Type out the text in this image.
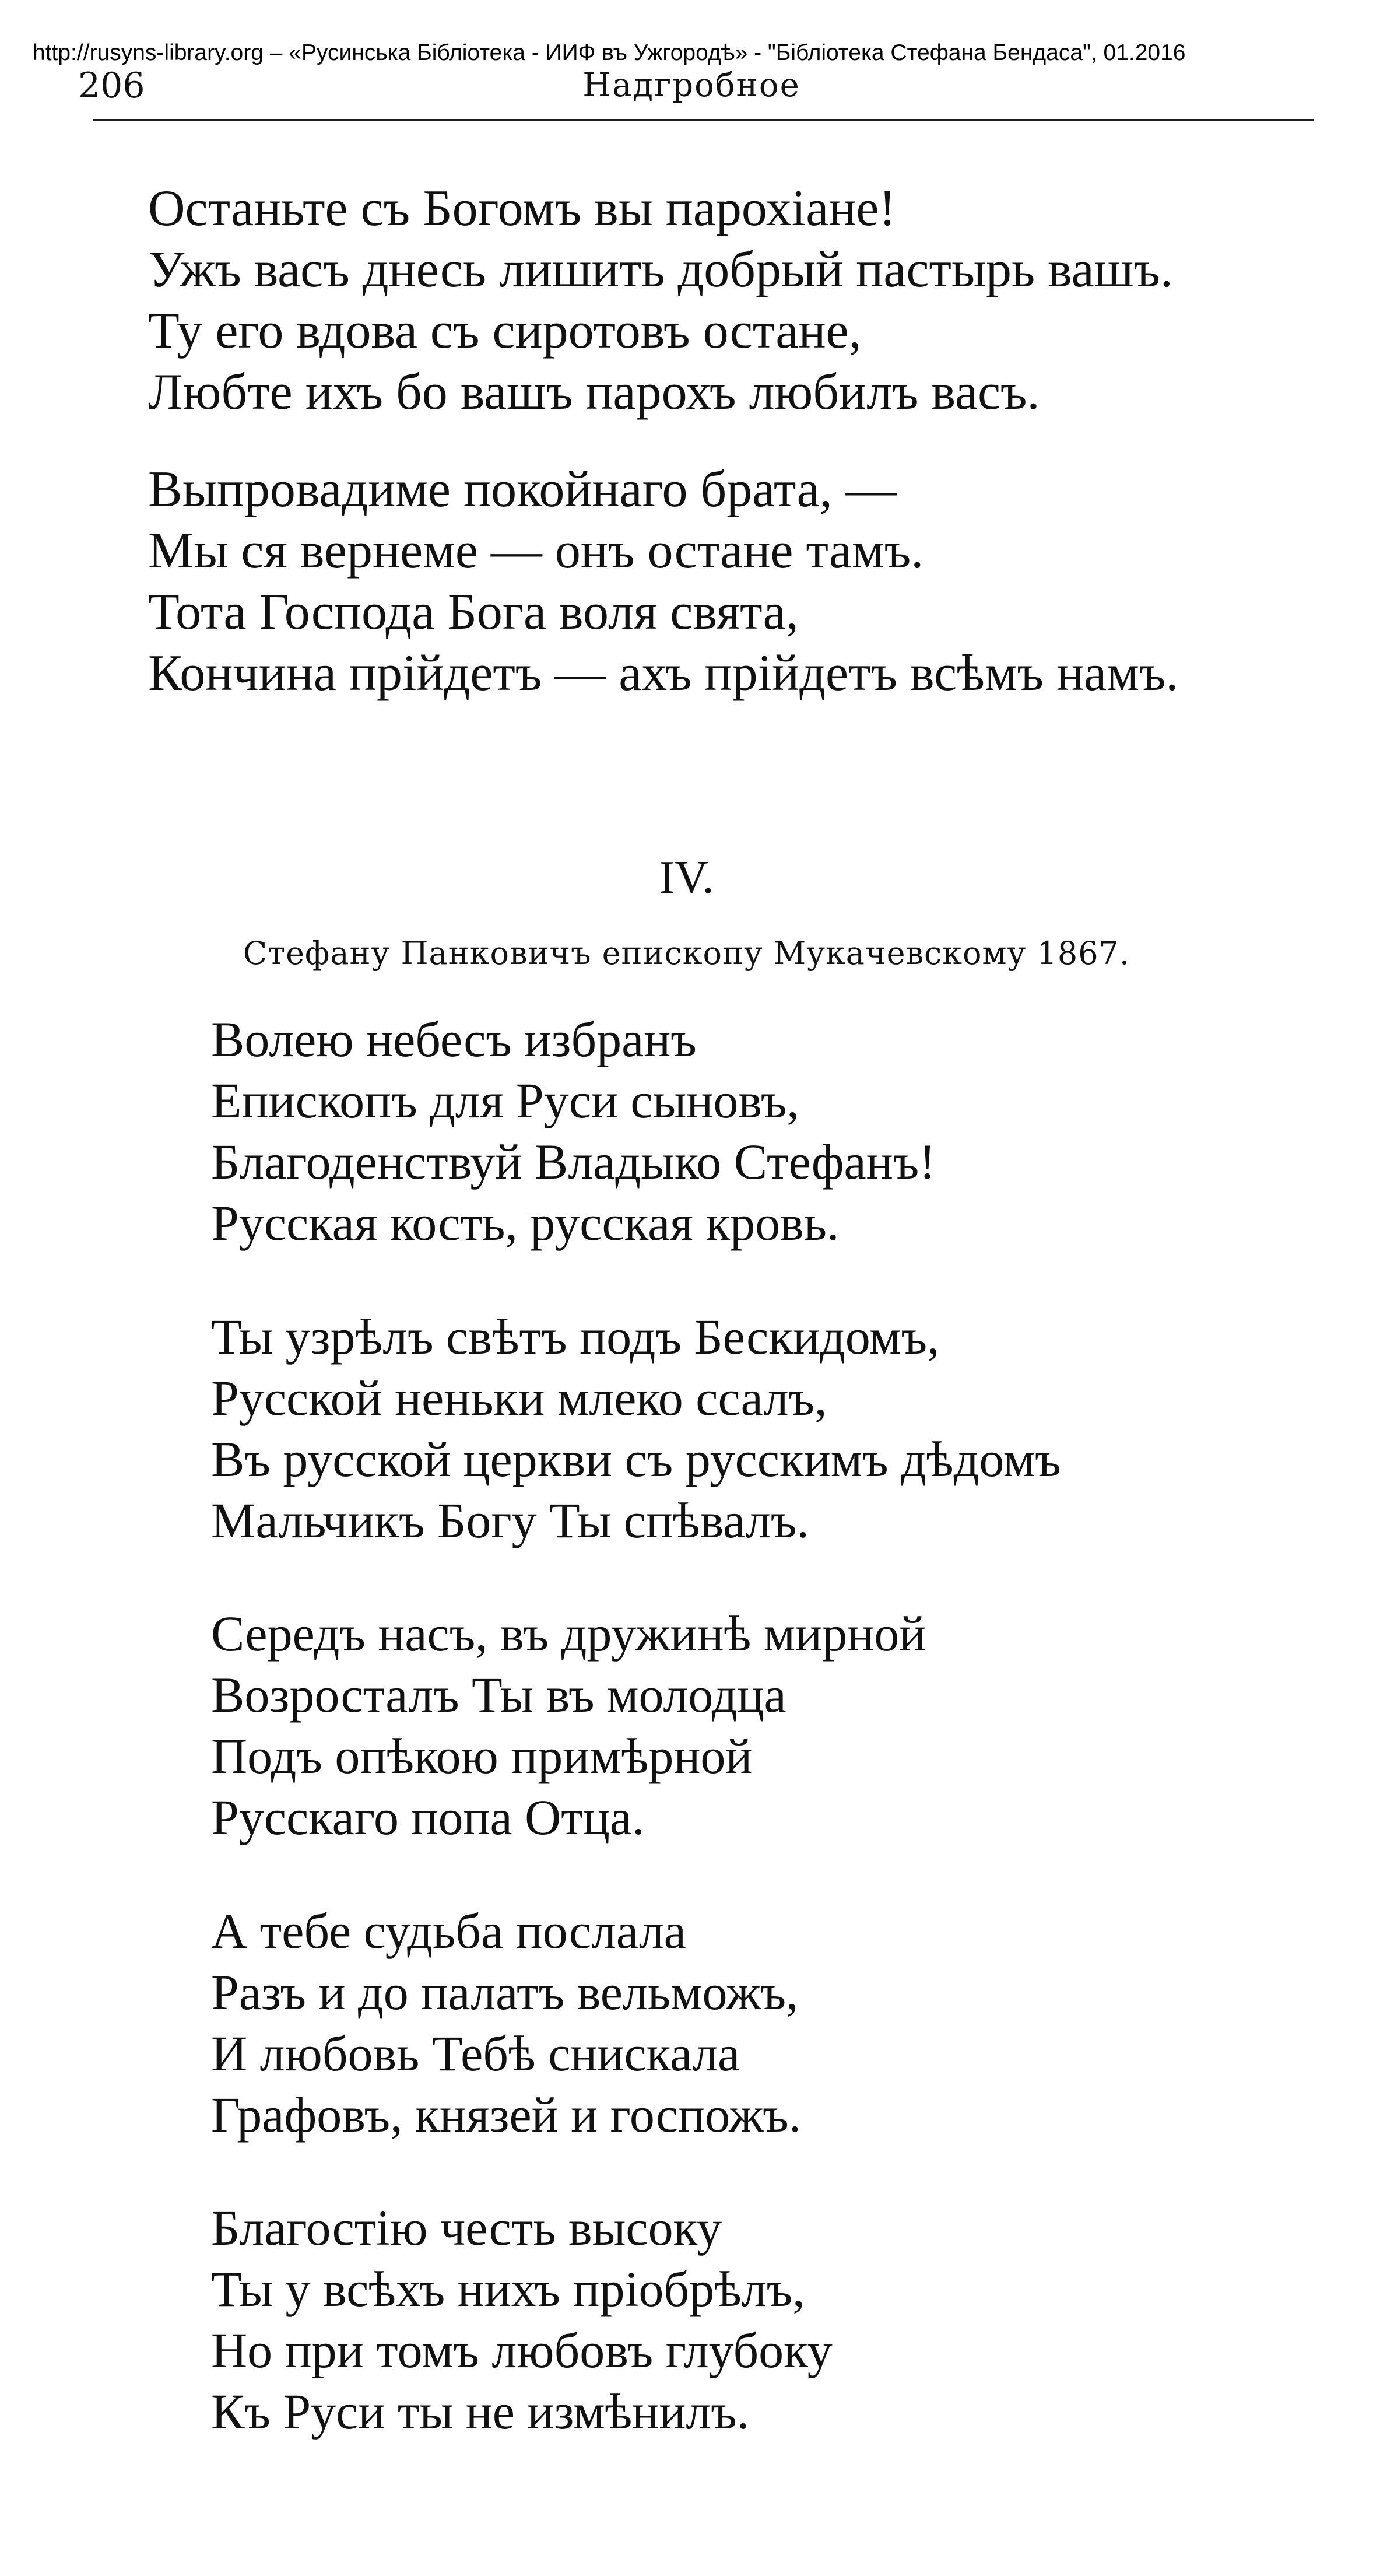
http://rusyns-library.org – «Русинська Бібліотека - ИИФ въ Ужгородѣ» - "Бібліотека Стефана Бендаса", 01.2016
206	Надгробное
Останьте съ Богомъ вы парохіане!
Ужъ васъ днесь лишить добрый пастырь вашъ.
Ту его вдова съ сиротовъ остане,
Любте ихъ бо вашъ парохъ любилъ васъ.
Выпровадиме покойнаго брата, —
Мы ся вернеме — онъ остане тамъ.
Тота Господа Бога воля свята,
Кончина прійдетъ — ахъ прійдетъ всѣмъ намъ.
IV.
Стефану Панковичъ епископу Мукачевскому 1867.
Волею небесъ избранъ
Епископъ для Руси сыновъ,
Благоденствуй Владыко Стефанъ!
Русская кость, русская кровь.
Ты узрѣлъ свѣтъ подъ Бескидомъ,
Русской неньки млеко ссалъ,
Въ русской церкви съ русскимъ дѣдомъ
Мальчикъ Богу Ты спѣвалъ.
Середъ насъ, въ дружинѣ мирной
Возросталъ Ты въ молодца
Подъ опѣкою примѣрной
Русскаго попа Отца.
А тебе судьба послала
Разъ и до палатъ вельможъ,
И любовь Тебѣ снискала
Графовъ, князей и госпожъ.
Благостію честь высоку
Ты у всѣхъ нихъ пріобрѣлъ,
Но при томъ любовъ глубоку
Къ Руси ты не измѣнилъ.
